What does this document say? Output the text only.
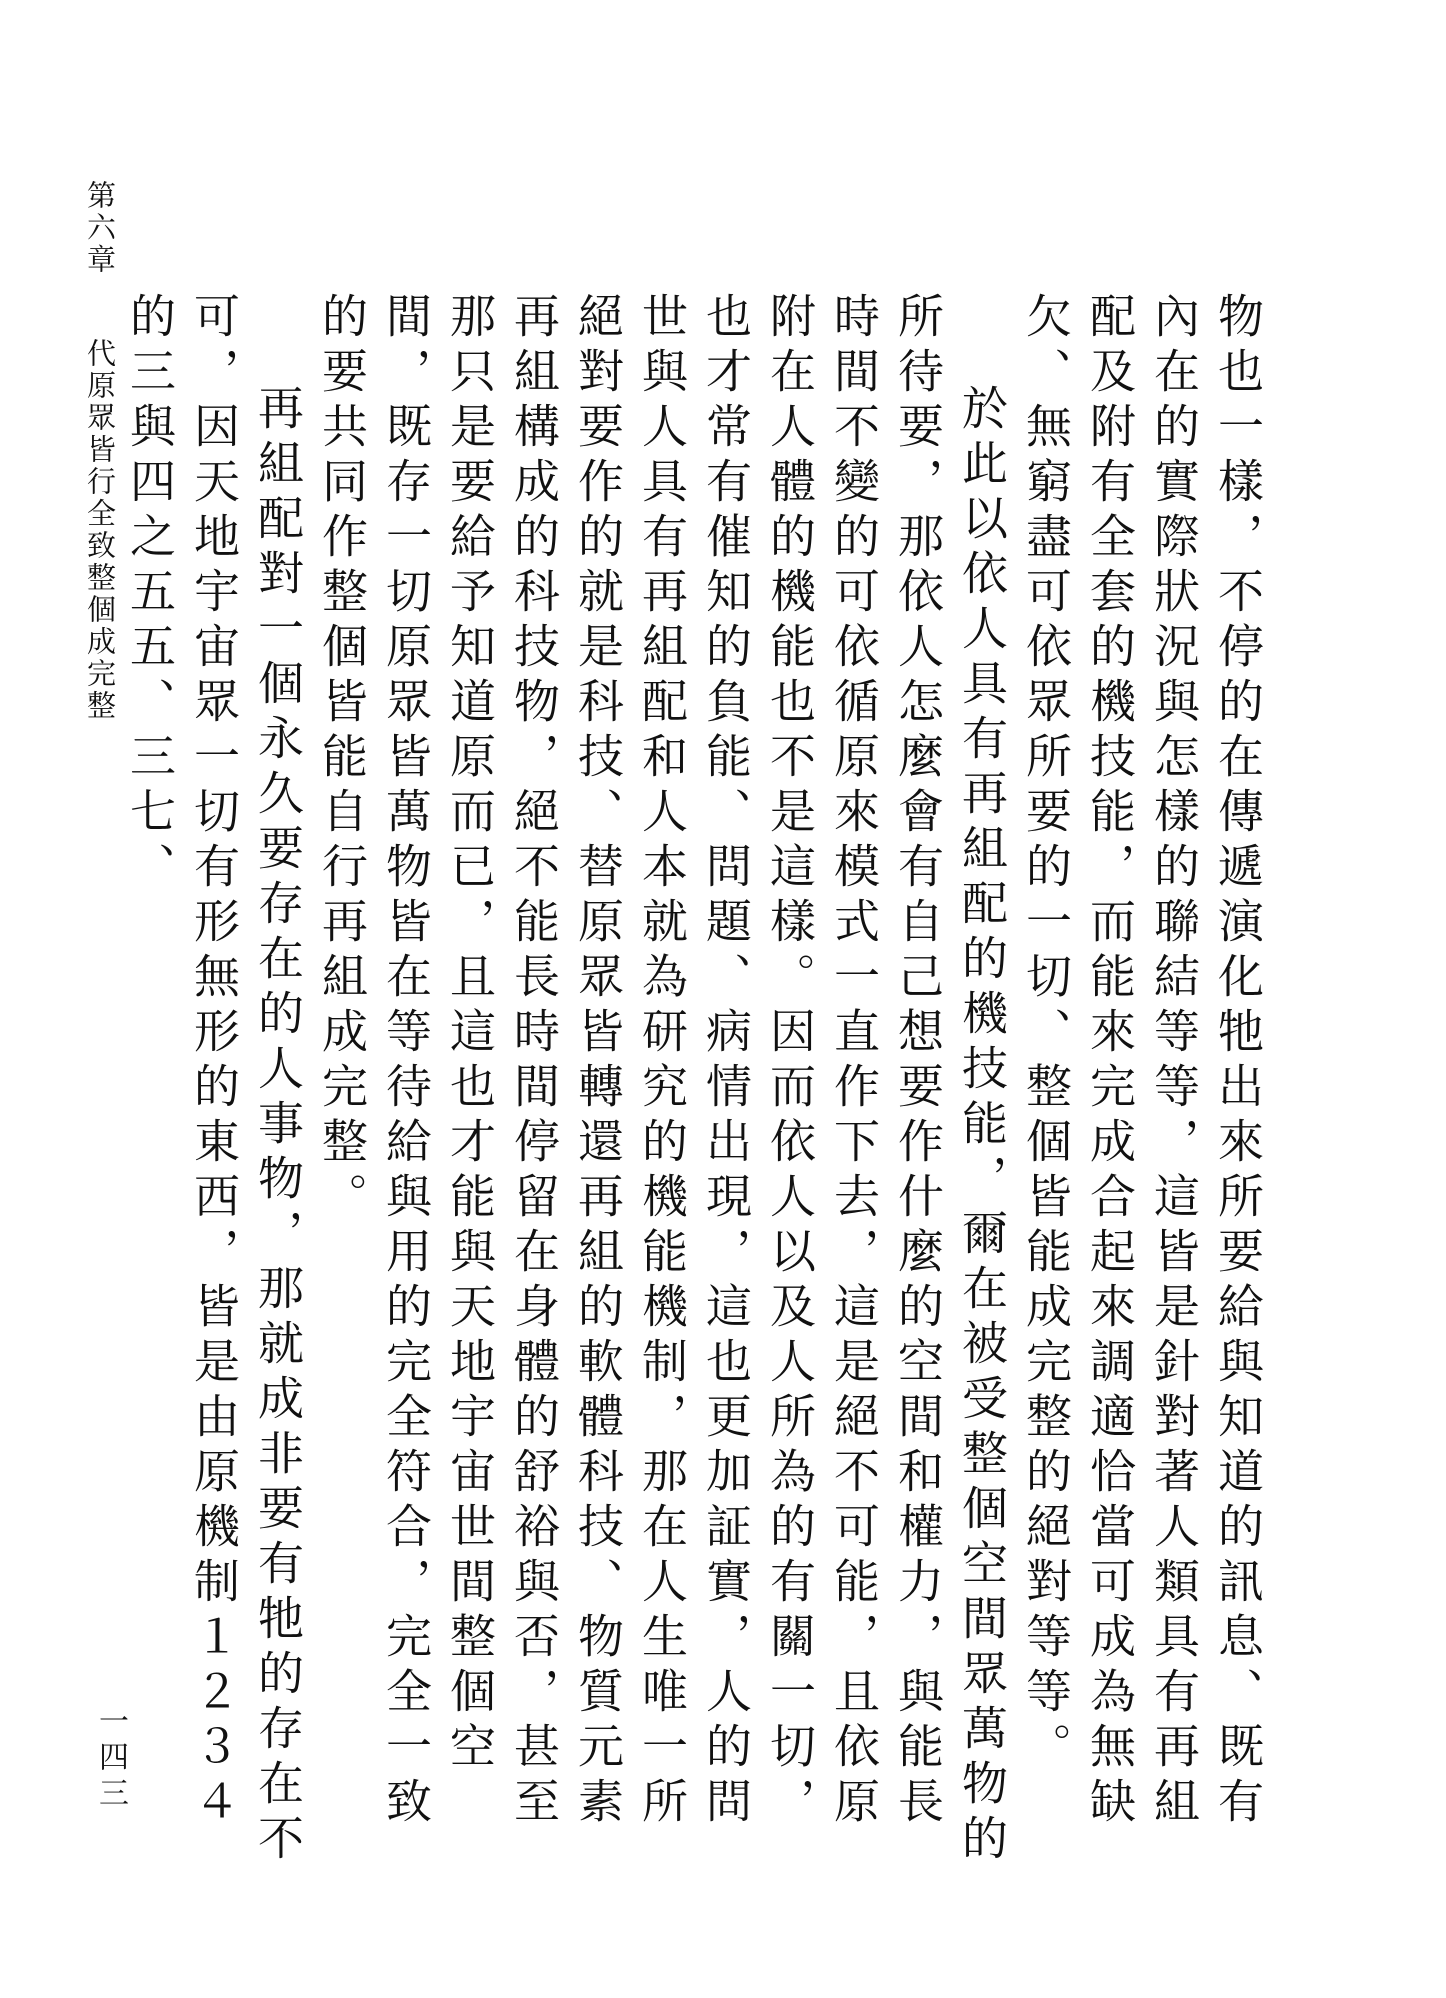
第六章代原眾皆行全致整個成完整	物也一樣，不停的在傳遞演化牠出來所要給與知道的訊息、既有內在的實際狀況與怎樣的聯結等等，這皆是針對著人類具有再組配及附有全套的機技能，而能來完成合起來調適恰當可成為無缺欠、無窮盡可依眾所要的一切、整個皆能成完整的絕對等等。

於此以依人具有再組配的機技能，爾在被受整個空間眾萬物的所待要，那依人怎麼會有自己想要作什麼的空間和權力，與能長時間不變的可依循原來模式一直作下去，這是絕不可能，且依原附在人體的機能也不是這樣。因而依人以及人所為的有關一切，也才常有催知的負能、問題、病情出現，這也更加証實，人的問世與人具有再組配和人本就為研究的機能機制，那在人生唯一所絕對要作的就是科技、替原眾皆轉還再組的軟體科技、物質元素再組構成的科技物，絕不能長時間停留在身體的舒裕與否，甚至那只是要給予知道原而已，且這也才能與天地宇宙世間整個空間，既存一切原眾皆萬物皆在等待給與用的完全符合，完全一致的要共同作整個皆能自行再組成完整。

再組配對一個永久要存在的人事物，那就成非要有牠的存在不可，因天地宇宙眾一切有形無形的東西，皆是由原機制１２３４的三與四之五五、三七、

一四三
